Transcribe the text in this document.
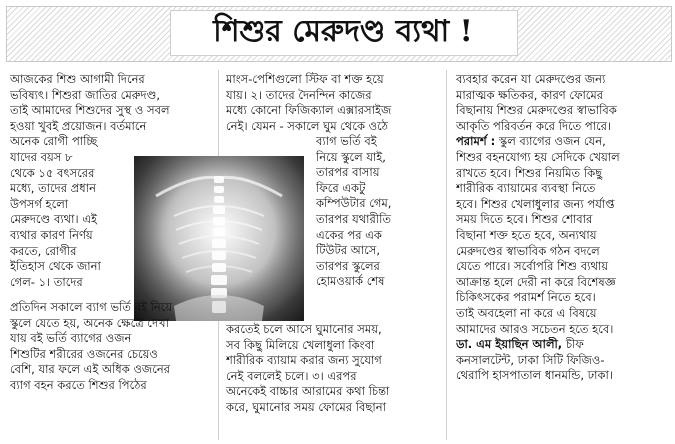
শিশুর মেরুদণ্ড ব্যথা !
আজকের শিশু আগামী দিনের
ভবিষ্যৎ। শিশুরা জাতির মেরুদণ্ড,
তাই আমাদের শিশুদের সুস্থ ও সবল
হওয়া খুবই প্রয়োজন। বর্তমানে
অনেক রোগী পাচ্ছি
যাদের বয়স ৮
থেকে ১৫ বৎসরের
মধ্যে, তাদের প্রধান
উপসর্গ হলো
মেরুদণ্ডে ব্যথা। এই
ব্যথার কারণ নির্ণয়
করতে, রোগীর
ইতিহাস থেকে জানা
গেল- ১। তাদের
প্রতিদিন সকালে ব্যাগ ভর্তি বই নিয়ে
স্কুলে যেতে হয়, অনেক ক্ষেত্রে দেখা
যায় বই ভর্তি ব্যাগের ওজন
শিশুটির শরীরের ওজনের চেয়েও
বেশি, যার ফলে এই অধিক ওজনের
ব্যাগ বহন করতে শিশুর পিঠের
মাংস-পেশিগুলো স্টিফ বা শক্ত হয়ে
যায়। ২। তাদের দৈনন্দিন কাজের
মধ্যে কোনো ফিজিক্যাল এক্সারসাইজ
নেই। যেমন - সকালে ঘুম থেকে ওঠে
ব্যাগ ভর্তি বই
নিয়ে স্কুলে যাই,
তারপর বাসায়
ফিরে একটু
কম্পিউটার গেম,
তারপর যথারীতি
একের পর এক
টিউটর আসে,
তারপর স্কুলের
হোমওয়ার্ক শেষ
করতেই চলে আসে ঘুমানোর সময়,
সব কিছু মিলিয়ে খেলাধুলা কিংবা
শারীরিক ব্যায়াম করার জন্য সুযোগ
নেই বললেই চলে। ৩। এরপর
অনেকেই বাচ্চার আরামের কথা চিন্তা
করে, ঘুমানোর সময় ফোমের বিছানা
ব্যবহার করেন যা মেরুদণ্ডের জন্য
মারাত্মক ক্ষতিকর, কারণ ফোমের
বিছানায় শিশুর মেরুদণ্ডের স্বাভাবিক
আকৃতি পরিবর্তন করে দিতে পারে।
পরামর্শ : স্কুল ব্যাগের ওজন যেন,
শিশুর বহনযোগ্য হয় সেদিকে খেয়াল
রাখতে হবে। শিশুর নিয়মিত কিছু
শারীরিক ব্যায়ামের ব্যবস্থা নিতে
হবে। শিশুর খেলাধুলার জন্য পর্যাপ্ত
সময় দিতে হবে। শিশুর শোবার
বিছানা শক্ত হতে হবে, অন্যথায়
মেরুদণ্ডের স্বাভাবিক গঠন বদলে
যেতে পারে। সর্বোপরি শিশু ব্যথায়
আক্রান্ত হলে দেরী না করে বিশেষজ্ঞ
চিকিৎসকের পরামর্শ নিতে হবে।
তাই অবহেলা না করে এ বিষয়ে
আমাদের আরও সচেতন হতে হবে।
ডা. এম ইয়াছিন আলী, চীফ
কনসালটেন্ট, ঢাকা সিটি ফিজিও-
থেরাপি হাসপাতাল ধানমন্ডি, ঢাকা।
